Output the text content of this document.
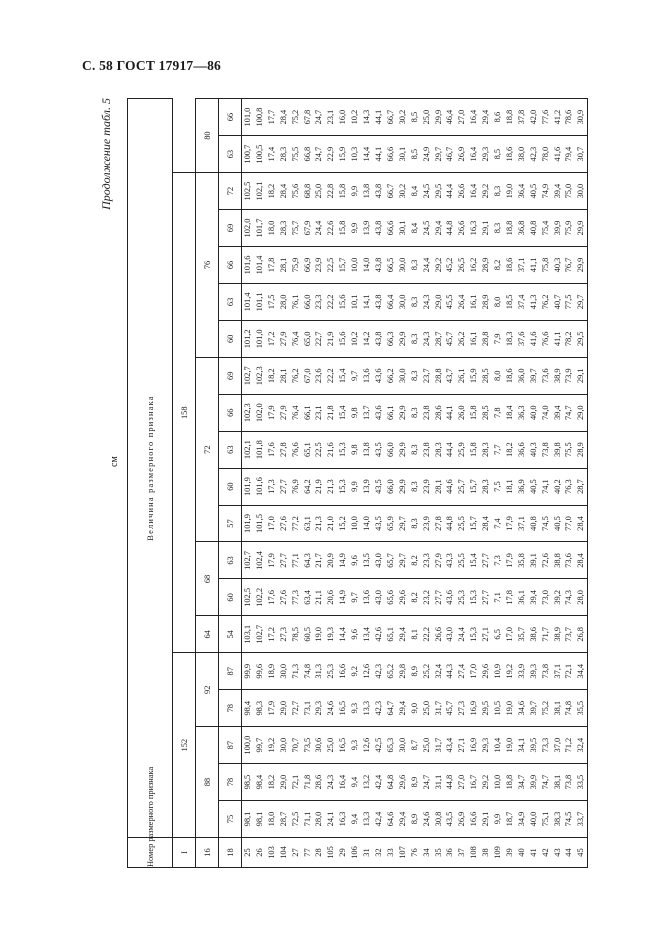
С. 58 ГОСТ 17917—86
Продолжение табл. 5
см
Номер размерного признака	Величина размерного признака																			
I	152					158														
16	88			92		64	68		72					76					80	
18	75	78	87	78	87	54	60	63	57	60	63	66	69	60	63	66	69	72	63	66
25	98,1	98,5	100,0	98,4	99,9	103,1	102,5	102,7	101,9	101,9	102,1	102,3	102,7	101,2	101,4	101,6	102,0	102,5	100,7	101,0
26	98,1	98,4	99,7	98,3	99,6	102,7	102,2	102,4	101,5	101,6	101,8	102,0	102,3	101,0	101,1	101,4	101,7	102,1	100,5	100,8
103	18,0	18,2	19,2	17,9	18,9	17,2	17,6	17,9	17,0	17,3	17,6	17,9	18,2	17,2	17,5	17,8	18,0	18,2	17,4	17,7
104	28,7	29,0	30,0	29,0	30,0	27,3	27,6	27,7	27,6	27,7	27,8	27,9	28,1	27,9	28,0	28,1	28,3	28,4	28,3	28,4
27	72,5	72,1	70,7	72,7	71,3	78,5	77,3	77,1	77,2	76,9	76,6	76,4	76,2	76,4	76,1	75,9	75,7	75,6	75,5	75,2
77	71,1	71,8	73,5	73,1	74,8	60,5	63,4	64,3	63,1	64,2	65,1	66,1	67,0	65,0	66,0	66,9	67,9	68,8	66,8	67,8
28	28,0	28,6	30,6	29,3	31,3	19,0	21,1	21,7	21,3	21,9	22,5	23,1	23,6	22,7	23,3	23,9	24,4	25,0	24,7	24,7
105	24,1	24,3	25,0	24,6	25,3	19,3	20,6	20,9	21,0	21,3	21,6	21,8	22,2	21,9	22,2	22,5	22,6	22,8	22,9	23,1
29	16,3	16,4	16,5	16,5	16,6	14,4	14,9	14,9	15,2	15,3	15,3	15,4	15,4	15,6	15,6	15,7	15,8	15,8	15,9	16,0
106	9,4	9,4	9,3	9,3	9,2	9,6	9,7	9,6	10,0	9,9	9,8	9,8	9,7	10,2	10,1	10,0	9,9	9,9	10,3	10,2
31	13,3	13,2	12,6	13,3	12,6	13,4	13,6	13,5	14,0	13,9	13,8	13,7	13,6	14,2	14,1	14,0	13,9	13,8	14,4	14,3
32	42,4	42,4	42,5	42,3	42,3	42,6	43,0	43,0	43,5	43,5	43,5	43,6	43,6	43,8	43,8	43,8	43,8	43,8	44,1	44,1
33	64,6	64,8	65,3	64,7	65,2	65,1	65,6	65,7	65,9	66,0	66,0	66,1	66,2	66,3	66,4	66,5	66,6	66,7	66,6	66,7
107	29,4	29,6	30,0	29,4	29,8	29,4	29,6	29,7	29,7	29,9	29,9	29,9	30,0	29,9	30,0	30,0	30,1	30,2	30,1	30,2
76	8,9	8,9	8,7	9,0	8,9	8,1	8,2	8,2	8,3	8,3	8,3	8,3	8,3	8,3	8,3	8,3	8,4	8,4	8,5	8,5
34	24,6	24,7	25,0	25,0	25,2	22,2	23,2	23,3	23,9	23,9	23,8	23,8	23,7	24,3	24,3	24,4	24,5	24,5	24,9	25,0
35	30,8	31,1	31,7	31,7	32,4	26,6	27,7	27,9	27,8	28,1	28,3	28,6	28,8	28,7	29,0	29,2	29,4	29,5	29,7	29,9
36	43,5	44,8	43,4	45,7	44,3	43,0	43,6	43,3	44,8	44,6	44,4	44,1	43,7	45,7	45,5	45,2	44,8	44,4	46,7	46,4
37	26,9	27,0	27,1	27,3	27,4	24,4	25,3	25,5	25,5	25,7	25,9	26,0	26,1	26,2	26,4	26,5	26,6	26,6	26,9	27,0
108	16,6	16,7	16,9	16,9	17,0	15,3	15,3	15,4	15,7	15,7	15,8	15,8	15,9	16,1	16,1	16,2	16,3	16,4	16,4	16,4
38	29,1	29,2	29,3	29,5	29,6	27,1	27,7	27,7	28,4	28,3	28,3	28,5	28,5	28,8	28,9	28,9	29,1	29,2	29,3	29,4
109	9,9	10,0	10,4	10,5	10,9	6,5	7,1	7,3	7,4	7,5	7,7	7,8	8,0	7,9	8,0	8,2	8,3	8,3	8,5	8,6
39	18,7	18,8	19,0	19,0	19,2	17,0	17,8	17,9	17,9	18,1	18,2	18,4	18,6	18,3	18,5	18,6	18,8	19,0	18,6	18,8
40	34,9	34,7	34,1	34,6	33,9	35,7	36,1	35,8	37,1	36,9	36,6	36,3	36,0	37,6	37,4	37,1	36,8	36,4	38,0	37,8
41	40,0	39,9	39,5	39,7	39,3	38,6	39,4	39,1	40,8	40,5	40,3	40,0	39,7	41,6	41,3	41,1	40,8	40,5	42,3	42,0
42	75,1	74,7	73,3	75,2	73,8	71,7	73,0	72,6	74,5	74,1	73,8	74,0	73,6	76,6	76,2	75,8	75,4	74,9	78,0	77,6
43	38,3	38,1	37,0	38,1	37,1	38,9	39,2	38,8	40,5	40,2	39,8	39,4	38,9	41,1	40,7	40,3	39,9	39,4	41,6	41,2
44	74,5	73,8	71,2	74,8	72,1	73,7	74,3	73,6	77,0	76,3	75,5	74,7	73,9	78,2	77,5	76,7	75,9	75,0	79,4	78,6
45	33,7	33,5	32,4	35,5	34,4	26,8	28,0	28,4	28,4	28,7	28,9	29,0	29,1	29,5	29,7	29,9	29,9	30,0	30,7	30,9
